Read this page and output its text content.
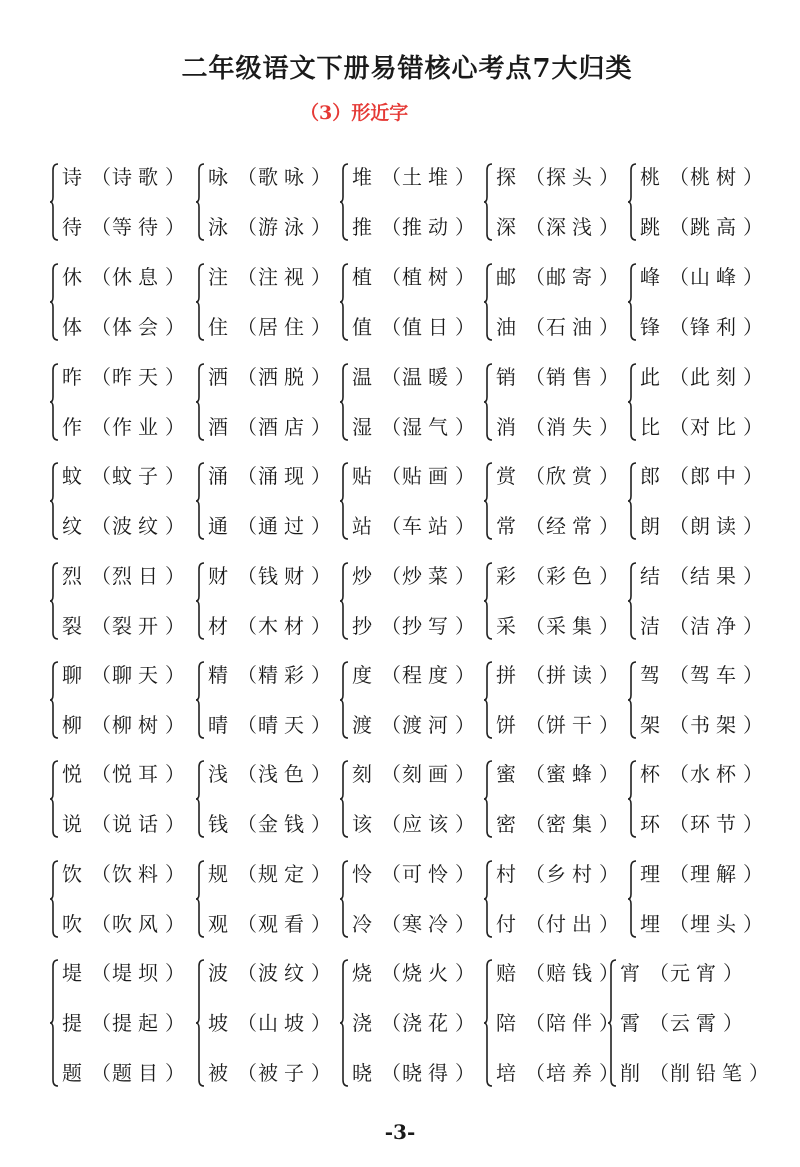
二年级语文下册易错核心考点7大归类
（3）形近字
诗 （诗歌）
待 （等待）
咏 （歌咏）
泳 （游泳）
堆 （土堆）
推 （推动）
探 （探头）
深 （深浅）
桃 （桃树）
跳 （跳高）
休 （休息）
体 （体会）
注 （注视）
住 （居住）
植 （植树）
值 （值日）
邮 （邮寄）
油 （石油）
峰 （山峰）
锋 （锋利）
昨 （昨天）
作 （作业）
洒 （洒脱）
酒 （酒店）
温 （温暖）
湿 （湿气）
销 （销售）
消 （消失）
此 （此刻）
比 （对比）
蚊 （蚊子）
纹 （波纹）
涌 （涌现）
通 （通过）
贴 （贴画）
站 （车站）
赏 （欣赏）
常 （经常）
郎 （郎中）
朗 （朗读）
烈 （烈日）
裂 （裂开）
财 （钱财）
材 （木材）
炒 （炒菜）
抄 （抄写）
彩 （彩色）
采 （采集）
结 （结果）
洁 （洁净）
聊 （聊天）
柳 （柳树）
精 （精彩）
晴 （晴天）
度 （程度）
渡 （渡河）
拼 （拼读）
饼 （饼干）
驾 （驾车）
架 （书架）
悦 （悦耳）
说 （说话）
浅 （浅色）
钱 （金钱）
刻 （刻画）
该 （应该）
蜜 （蜜蜂）
密 （密集）
杯 （水杯）
环 （环节）
饮 （饮料）
吹 （吹风）
规 （规定）
观 （观看）
怜 （可怜）
冷 （寒冷）
村 （乡村）
付 （付出）
理 （理解）
埋 （埋头）
堤 （堤坝）
提 （提起）
题 （题目）
波 （波纹）
坡 （山坡）
被 （被子）
烧 （烧火）
浇 （浇花）
晓 （晓得）
赔 （赔钱）
陪 （陪伴）
培 （培养）
宵 （元宵）
霄 （云霄）
削 （削铅笔）
-3-
